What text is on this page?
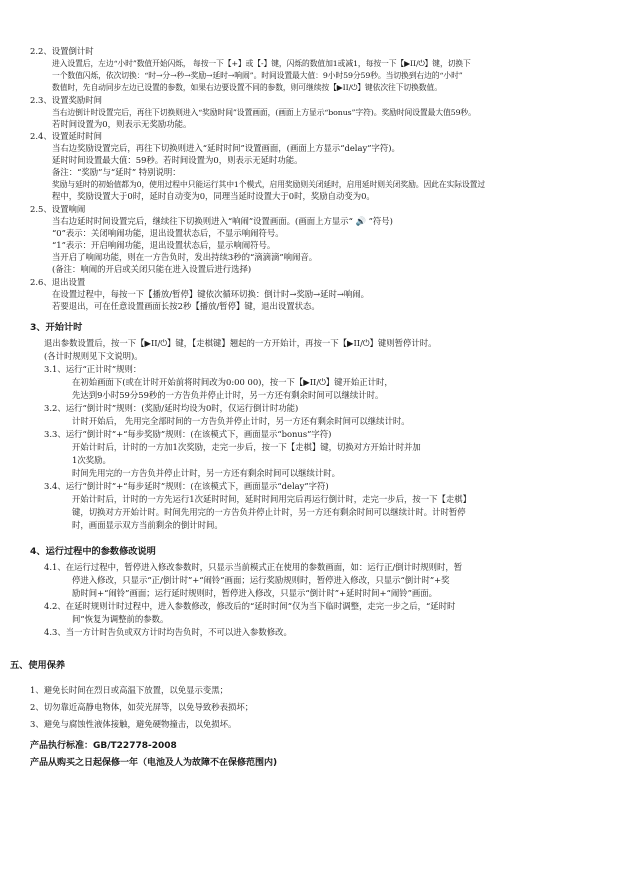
2.2、设置倒计时
进入设置后，左边“小时”数值开始闪烁， 每按一下【+】或【-】键，闪烁的数值加1或减1，每按一下【▶II/⏻】键，切换下
一个数值闪烁，依次切换：“时→分→秒→奖励→延时→响闹”。时间设置最大值：9小时59分59秒。当切换到右边的“小时”
数值时，先自动同步左边已设置的参数，如果右边要设置不同的参数，则可继续按【▶II/⏻】键依次往下切换数值。
2.3、设置奖励时间
当右边倒计时设置完后，再往下切换则进入“奖励时间”设置画面，(画面上方显示“bonus”字符)。奖励时间设置最大值59秒。
若时间设置为0，则表示无奖励功能。
2.4、设置延时时间
当右边奖励设置完后，再往下切换则进入“延时时间”设置画面，(画面上方显示“delay”字符)。
延时时间设置最大值：59秒。若时间设置为0，则表示无延时功能。
备注：“奖励”与“延时” 特别说明：
奖励与延时的初始值都为0，使用过程中只能运行其中1个模式，启用奖励则关闭延时，启用延时则关闭奖励。因此在实际设置过
程中，奖励设置大于0时，延时自动变为0，同理当延时设置大于0时，奖励自动变为0。
2.5、设置响闹
当右边延时时间设置完后，继续往下切换则进入“响闹”设置画面。(画面上方显示“ 🔊 ”符号)
“0”表示：关闭响闹功能，退出设置状态后，不显示响闹符号。
“1”表示：开启响闹功能，退出设置状态后，显示响闹符号。
当开启了响闹功能，则在一方告负时，发出持续3秒的“滴滴滴”响闹音。
(备注：响闹的开启或关闭只能在进入设置后进行选择)
2.6、退出设置
在设置过程中，每按一下【播放/暂停】键依次循环切换：倒计时→奖励→延时→响闹。
若要退出，可在任意设置画面长按2秒【播放/暂停】键，退出设置状态。
3、开始计时
退出参数设置后，按一下【▶II/⏻】键，【走棋键】翘起的一方开始计，再按一下【▶II/⏻】键则暂停计时。
(各计时规则见下文说明)。
3.1、运行“正计时”规则：
在初始画面下(或在计时开始前将时间改为0:00 00)，按一下【▶II/⏻】键开始正计时，
先达到9小时59分59秒的一方告负并停止计时，另一方还有剩余时间可以继续计时。
3.2、运行“倒计时”规则：(奖励/延时均设为0时，仅运行倒计时功能)
计时开始后， 先用完全部时间的一方告负并停止计时，另一方还有剩余时间可以继续计时。
3.3、运行“倒计时”+“每步奖励”规则：(在该模式下，画面显示“bonus”字符)
开始计时后，计时的一方加1次奖励，走完一步后，按一下【走棋】键，切换对方开始计时并加
1次奖励。
时间先用完的一方告负并停止计时，另一方还有剩余时间可以继续计时。
3.4、运行“倒计时”+“每步延时”规则：(在该模式下，画面显示“delay”字符)
开始计时后，计时的一方先运行1次延时时间，延时时间用完后再运行倒计时，走完一步后，按一下【走棋】
键，切换对方开始计时。时间先用完的一方告负并停止计时，另一方还有剩余时间可以继续计时。计时暂停
时，画面显示双方当前剩余的倒计时间。
4、运行过程中的参数修改说明
4.1、在运行过程中，暂停进入修改参数时，只显示当前模式正在使用的参数画面，如：运行正/倒计时规则时，暂
停进入修改，只显示“正/倒计时”+“闹铃”画面；运行奖励规则时，暂停进入修改，只显示“倒计时”+奖
励时间+“闹铃”画面；运行延时规则时，暂停进入修改，只显示“倒计时”+延时时间+“闹铃”画面。
4.2、在延时规则计时过程中，进入参数修改，修改后的“延时时间”仅为当下临时调整，走完一步之后，“延时时
间”恢复为调整前的参数。
4.3、当一方计时告负或双方计时均告负时，不可以进入参数修改。
五、使用保养
1、避免长时间在烈日或高温下放置，以免显示变黑；
2、切勿靠近高静电物体，如荧光屏等，以免导致秒表损坏；
3、避免与腐蚀性液体接触，避免硬物撞击，以免损坏。
产品执行标准：GB/T22778-2008
产品从购买之日起保修一年（电池及人为故障不在保修范围内)
